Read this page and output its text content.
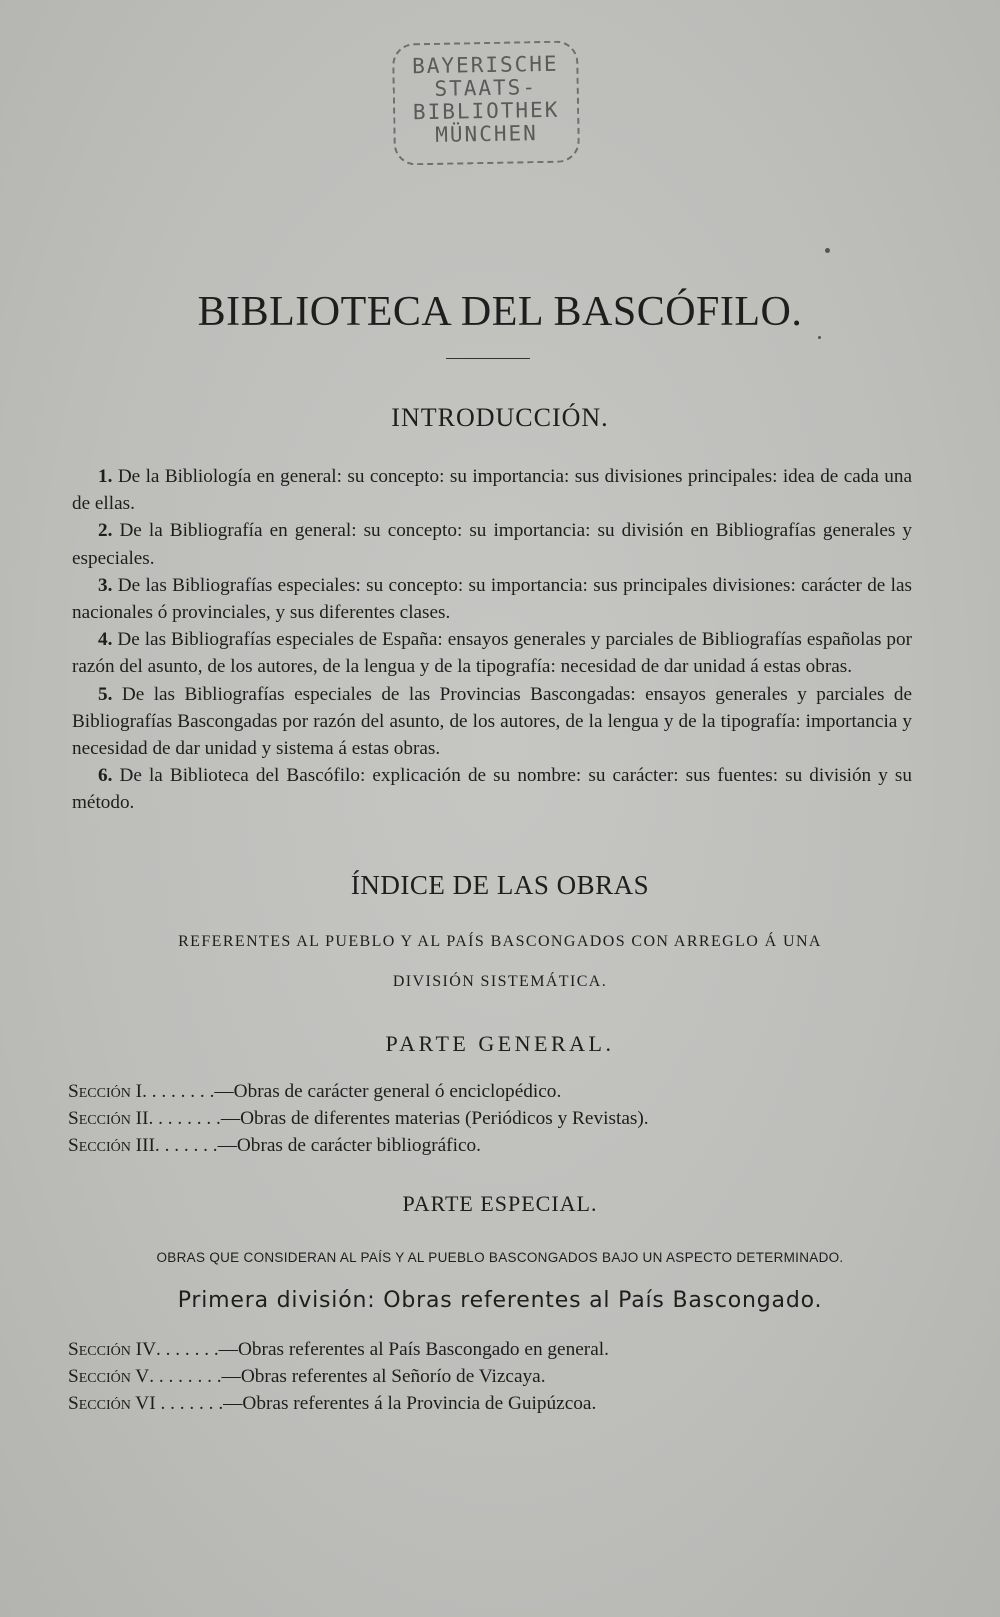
BAYERISCHE
STAATS-
BIBLIOTHEK
MÜNCHEN
BIBLIOTECA DEL BASCÓFILO.
INTRODUCCIÓN.

1. De la Bibliología en general: su concepto: su importancia: sus divisiones principales: idea de cada una de ellas.

2. De la Bibliografía en general: su concepto: su importancia: su división en Bibliografías generales y especiales.

3. De las Bibliografías especiales: su concepto: su importancia: sus principales divisiones: carácter de las nacionales ó provinciales, y sus diferentes clases.

4. De las Bibliografías especiales de España: ensayos generales y parciales de Bibliografías españolas por razón del asunto, de los autores, de la lengua y de la tipografía: necesidad de dar unidad á estas obras.

5. De las Bibliografías especiales de las Provincias Bascongadas: ensayos generales y parciales de Bibliografías Bascongadas por razón del asunto, de los autores, de la lengua y de la tipografía: importancia y necesidad de dar unidad y sistema á estas obras.

6. De la Biblioteca del Bascófilo: explicación de su nombre: su carácter: sus fuentes: su división y su método.

ÍNDICE DE LAS OBRAS
REFERENTES AL PUEBLO Y AL PAÍS BASCONGADOS CON ARREGLO Á UNA
DIVISIÓN SISTEMÁTICA.
PARTE GENERAL.
Sección I. . . . . . . .—Obras de carácter general ó enciclopédico.
Sección II. . . . . . . .—Obras de diferentes materias (Periódicos y Revistas).
Sección III. . . . . . .—Obras de carácter bibliográfico.
PARTE ESPECIAL.
OBRAS QUE CONSIDERAN AL PAÍS Y AL PUEBLO BASCONGADOS BAJO UN ASPECTO DETERMINADO.
Primera división: Obras referentes al País Bascongado.
Sección IV. . . . . . .—Obras referentes al País Bascongado en general.
Sección V. . . . . . . .—Obras referentes al Señorío de Vizcaya.
Sección VI . . . . . . .—Obras referentes á la Provincia de Guipúzcoa.
